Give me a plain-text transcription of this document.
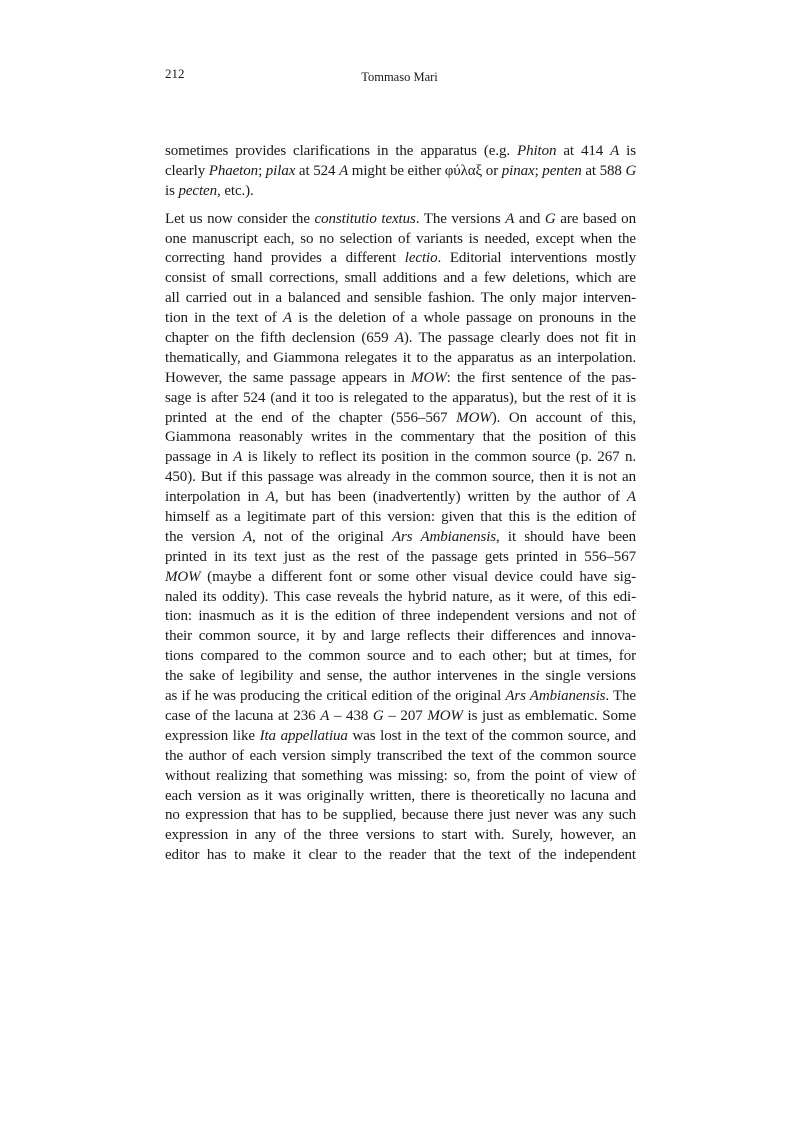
212	Tommaso Mari
sometimes provides clarifications in the apparatus (e.g. Phiton at 414 A is
clearly Phaeton; pilax at 524 A might be either φύλαξ or pinax; penten at 588 G
is pecten, etc.).
Let us now consider the constitutio textus. The versions A and G are based on
one manuscript each, so no selection of variants is needed, except when the
correcting hand provides a different lectio. Editorial interventions mostly
consist of small corrections, small additions and a few deletions, which are
all carried out in a balanced and sensible fashion. The only major interven-
tion in the text of A is the deletion of a whole passage on pronouns in the
chapter on the fifth declension (659 A). The passage clearly does not fit in
thematically, and Giammona relegates it to the apparatus as an interpolation.
However, the same passage appears in MOW: the first sentence of the pas-
sage is after 524 (and it too is relegated to the apparatus), but the rest of it is
printed at the end of the chapter (556–567 MOW). On account of this,
Giammona reasonably writes in the commentary that the position of this
passage in A is likely to reflect its position in the common source (p. 267 n.
450). But if this passage was already in the common source, then it is not an
interpolation in A, but has been (inadvertently) written by the author of A
himself as a legitimate part of this version: given that this is the edition of
the version A, not of the original Ars Ambianensis, it should have been
printed in its text just as the rest of the passage gets printed in 556–567
MOW (maybe a different font or some other visual device could have sig-
naled its oddity). This case reveals the hybrid nature, as it were, of this edi-
tion: inasmuch as it is the edition of three independent versions and not of
their common source, it by and large reflects their differences and innova-
tions compared to the common source and to each other; but at times, for
the sake of legibility and sense, the author intervenes in the single versions
as if he was producing the critical edition of the original Ars Ambianensis. The
case of the lacuna at 236 A – 438 G – 207 MOW is just as emblematic. Some
expression like Ita appellatiua was lost in the text of the common source, and
the author of each version simply transcribed the text of the common source
without realizing that something was missing: so, from the point of view of
each version as it was originally written, there is theoretically no lacuna and
no expression that has to be supplied, because there just never was any such
expression in any of the three versions to start with. Surely, however, an
editor has to make it clear to the reader that the text of the independent
